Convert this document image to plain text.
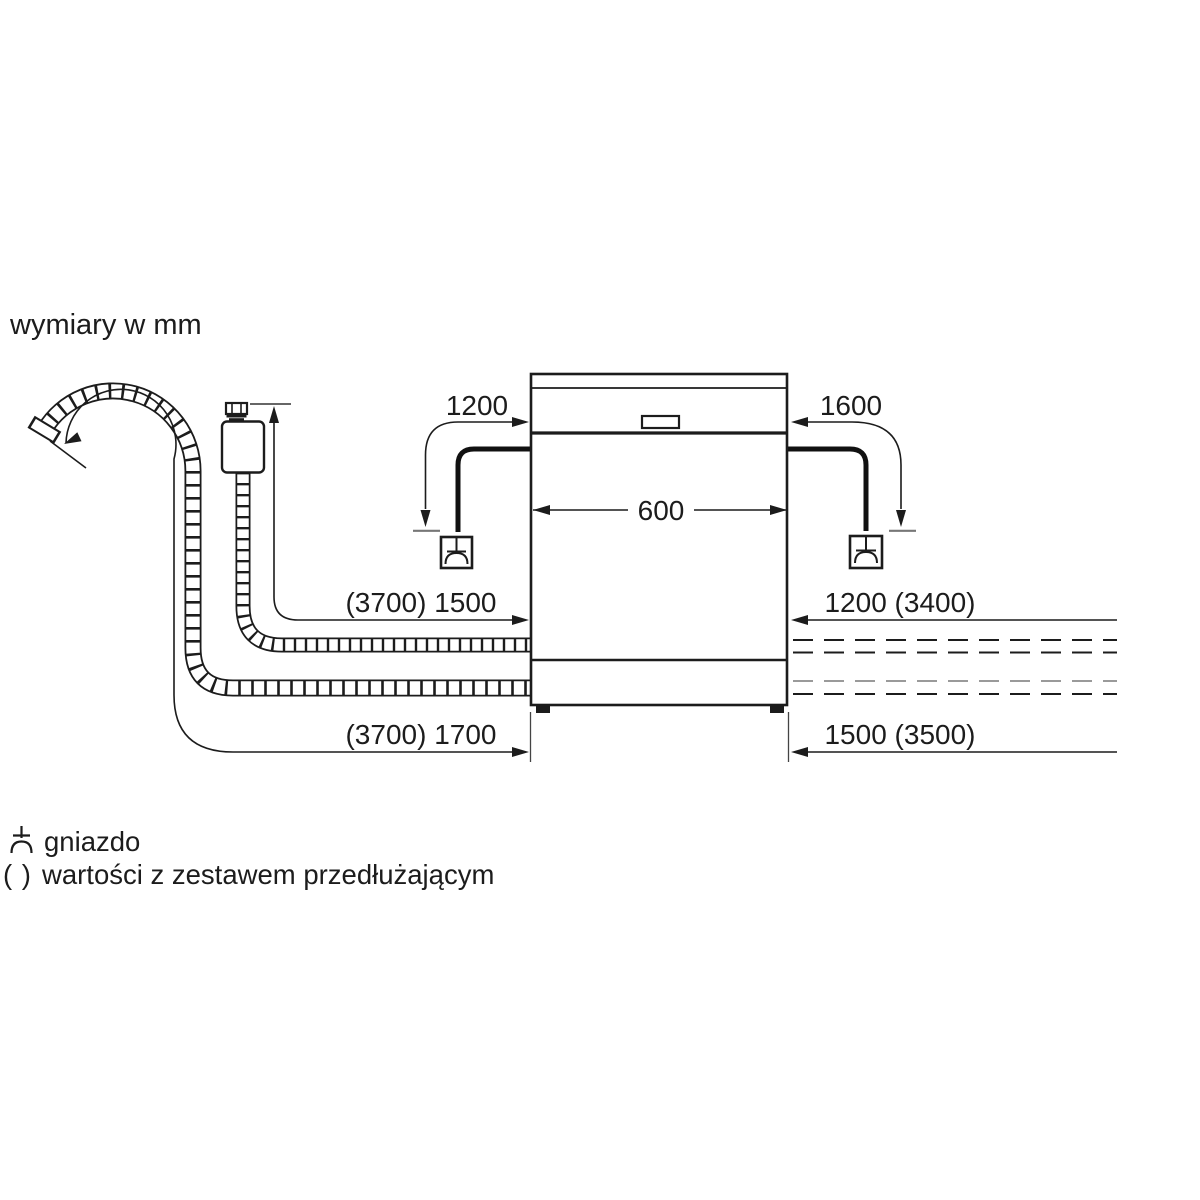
wymiary w mm
1200	1600
600
(3700) 1500	1200 (3400)
(3700) 1700	1500 (3500)
gniazdo
( ) wartości z zestawem przedłużającym
